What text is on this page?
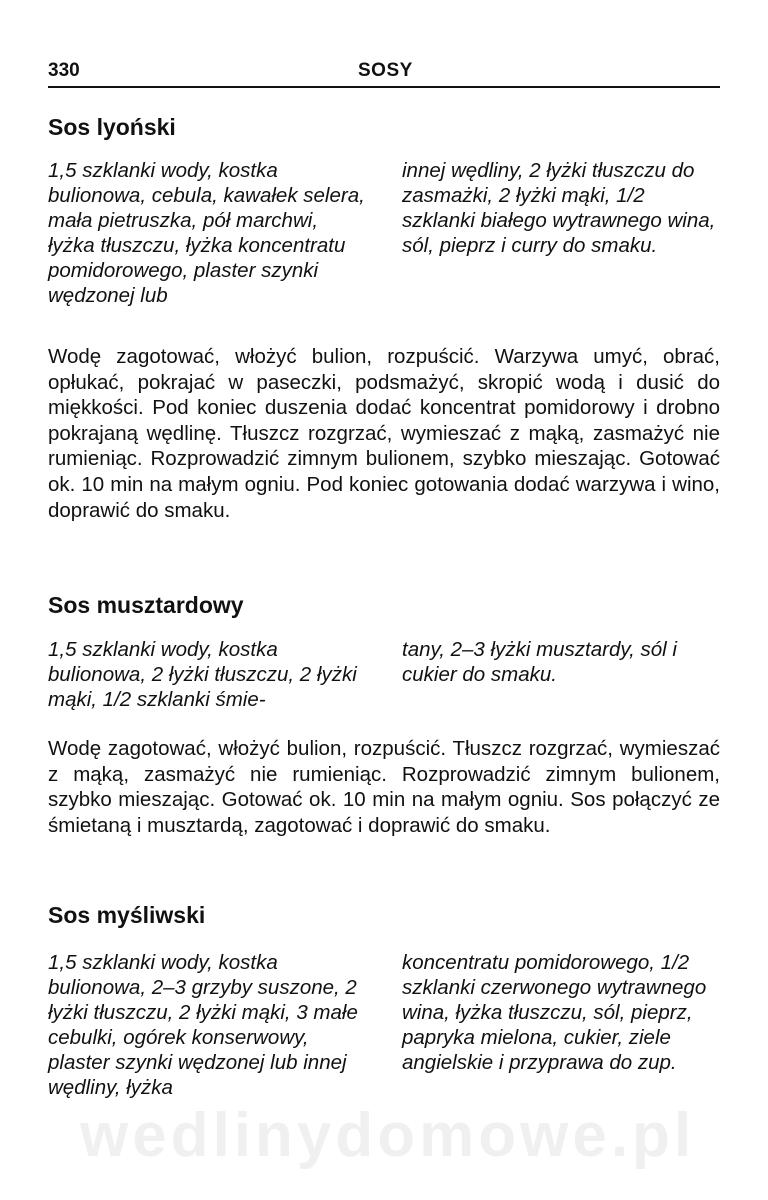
330	SOSY
Sos lyoński

1,5 szklanki wody, kostka bulionowa, cebula, kawałek selera, mała pietruszka, pół marchwi, łyżka tłuszczu, łyżka koncentratu pomidorowego, plaster szynki wędzonej lub

innej wędliny, 2 łyżki tłuszczu do zasmażki, 2 łyżki mąki, 1/2 szklanki białego wytrawnego wina, sól, pieprz i curry do smaku.

Wodę zagotować, włożyć bulion, rozpuścić. Warzywa umyć, obrać, opłukać, pokrajać w paseczki, podsmażyć, skropić wodą i dusić do miękkości. Pod koniec duszenia dodać koncentrat pomidorowy i drobno pokrajaną wędlinę. Tłuszcz rozgrzać, wymieszać z mąką, zasmażyć nie rumieniąc. Rozprowadzić zimnym bulionem, szybko mieszając. Gotować ok. 10 min na małym ogniu. Pod koniec gotowania dodać warzywa i wino, doprawić do smaku.

Sos musztardowy

1,5 szklanki wody, kostka bulionowa, 2 łyżki tłuszczu, 2 łyżki mąki, 1/2 szklanki śmie-

tany, 2–3 łyżki musztardy, sól i cukier do smaku.

Wodę zagotować, włożyć bulion, rozpuścić. Tłuszcz rozgrzać, wymieszać z mąką, zasmażyć nie rumieniąc. Rozprowadzić zimnym bulionem, szybko mieszając. Gotować ok. 10 min na małym ogniu. Sos połączyć ze śmietaną i musztardą, zagotować i doprawić do smaku.

Sos myśliwski

1,5 szklanki wody, kostka bulionowa, 2–3 grzyby suszone, 2 łyżki tłuszczu, 2 łyżki mąki, 3 małe cebulki, ogórek konserwowy, plaster szynki wędzonej lub innej wędliny, łyżka

koncentratu pomidorowego, 1/2 szklanki czerwonego wytrawnego wina, łyżka tłuszczu, sól, pieprz, papryka mielona, cukier, ziele angielskie i przyprawa do zup.

wedlinydomowe.pl
